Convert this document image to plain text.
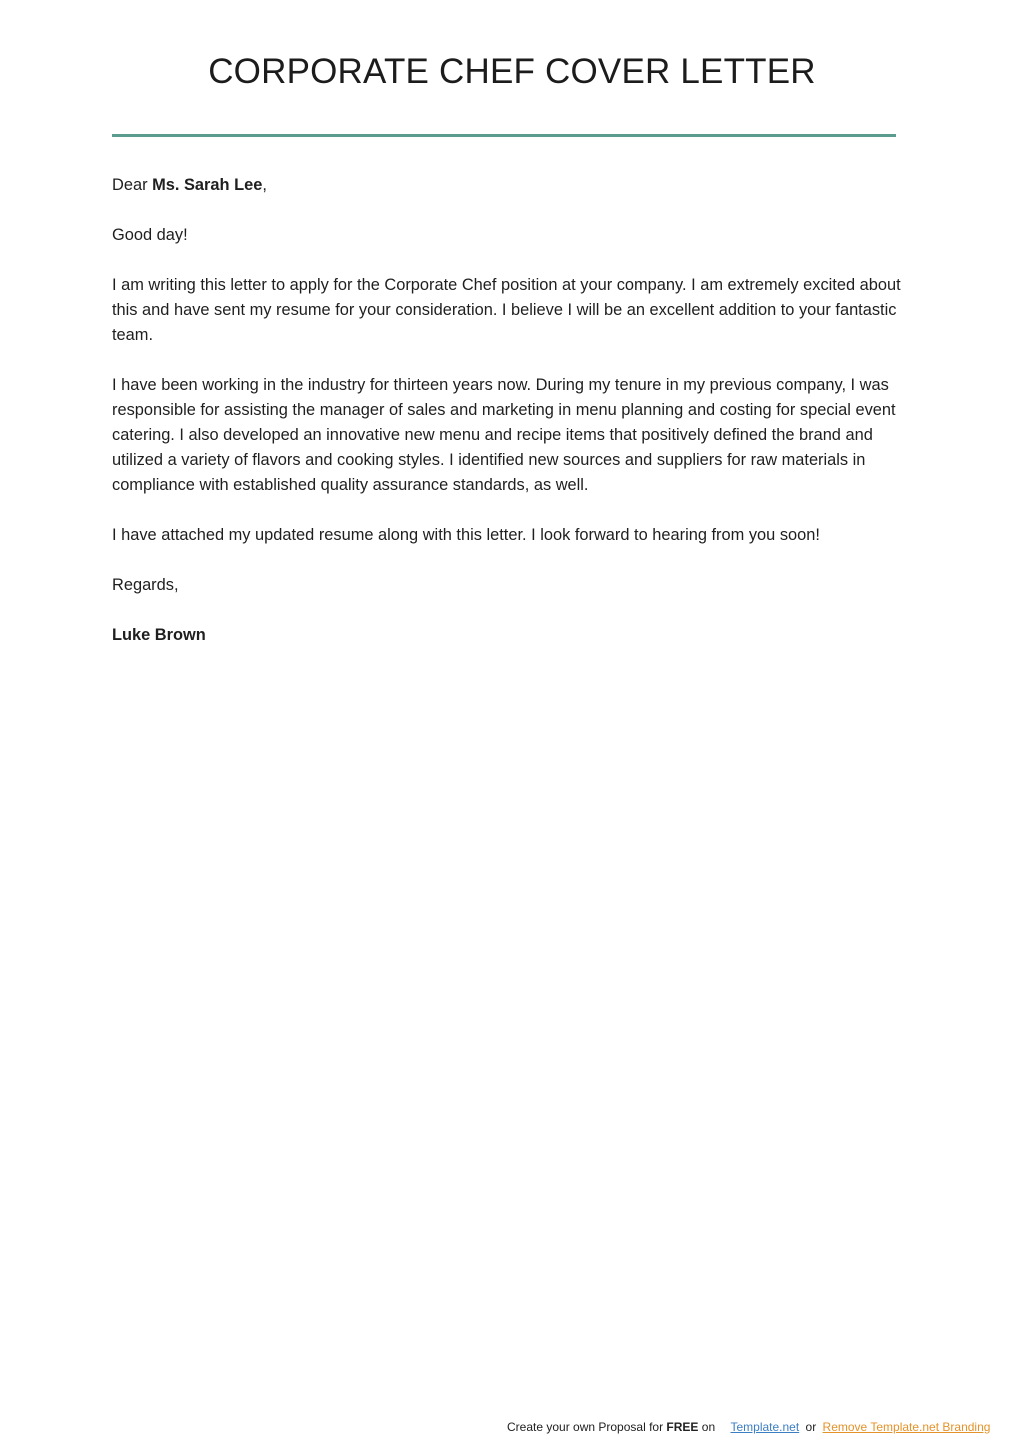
CORPORATE CHEF COVER LETTER

Dear Ms. Sarah Lee,

Good day!

I am writing this letter to apply for the Corporate Chef position at your company. I am extremely excited about this and have sent my resume for your consideration. I believe I will be an excellent addition to your fantastic team.

I have been working in the industry for thirteen years now. During my tenure in my previous company, I was responsible for assisting the manager of sales and marketing in menu planning and costing for special event catering. I also developed an innovative new menu and recipe items that positively defined the brand and utilized a variety of flavors and cooking styles. I identified new sources and suppliers for raw materials in compliance with established quality assurance standards, as well.

I have attached my updated resume along with this letter. I look forward to hearing from you soon!

Regards,

Luke Brown

Create your own Proposal for FREE on Template.net or Remove Template.net Branding
